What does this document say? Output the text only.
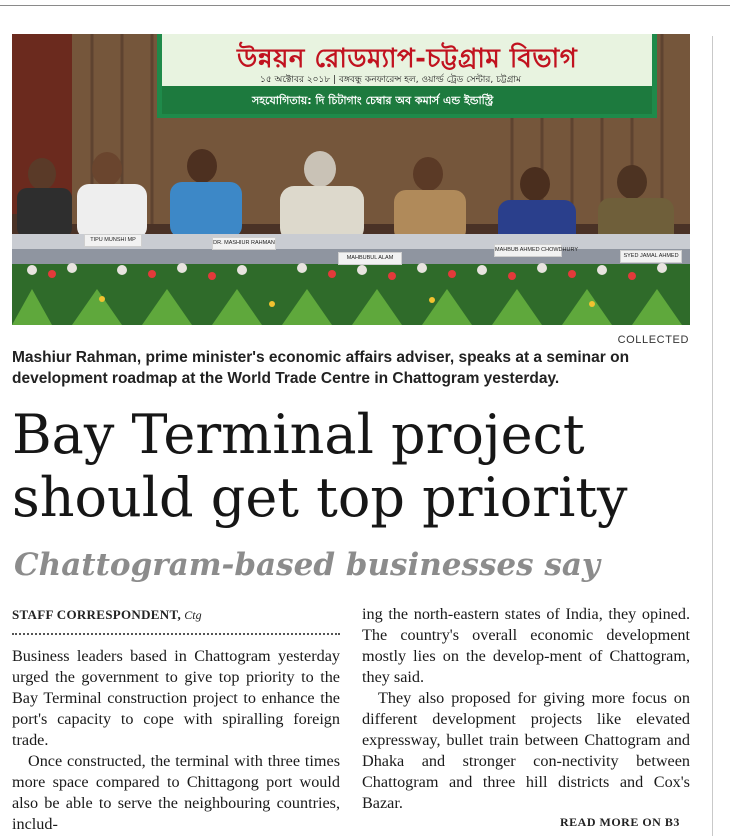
উন্নয়ন রোডম্যাপ-চট্টগ্রাম বিভাগ
১৫ অক্টোবর ২০১৮ | বঙ্গবন্ধু কনফারেন্স হল, ওয়ার্ল্ড ট্রেড সেন্টার, চট্টগ্রাম
সহযোগিতায়: দি চিটাগাং চেম্বার অব কমার্স এন্ড ইন্ডাস্ট্রি
TIPU MUNSHI MP	DR. MASHIUR RAHMAN
MAHBUBUL ALAM
MAHBUB AHMED CHOWDHURY
SYED JAMAL AHMED
COLLECTED
Mashiur Rahman, prime minister's economic affairs adviser, speaks at a seminar on development roadmap at the World Trade Centre in Chattogram yesterday.
Bay Terminal project
should get top priority
Chattogram-based businesses say
STAFF CORRESPONDENT, Ctg

Business leaders based in Chattogram yesterday urged the government to give top priority to the Bay Terminal construction project to enhance the port's capacity to cope with spiralling foreign trade.

Once constructed, the terminal with three times more space compared to Chittagong port would also be able to serve the neighbouring countries, includ-

ing the north-eastern states of India, they opined. The country's overall economic development mostly lies on the develop-ment of Chattogram, they said.

They also proposed for giving more focus on different development projects like elevated expressway, bullet train between Chattogram and Dhaka and stronger con-nectivity between Chattogram and three hill districts and Cox's Bazar.

READ MORE ON B3
